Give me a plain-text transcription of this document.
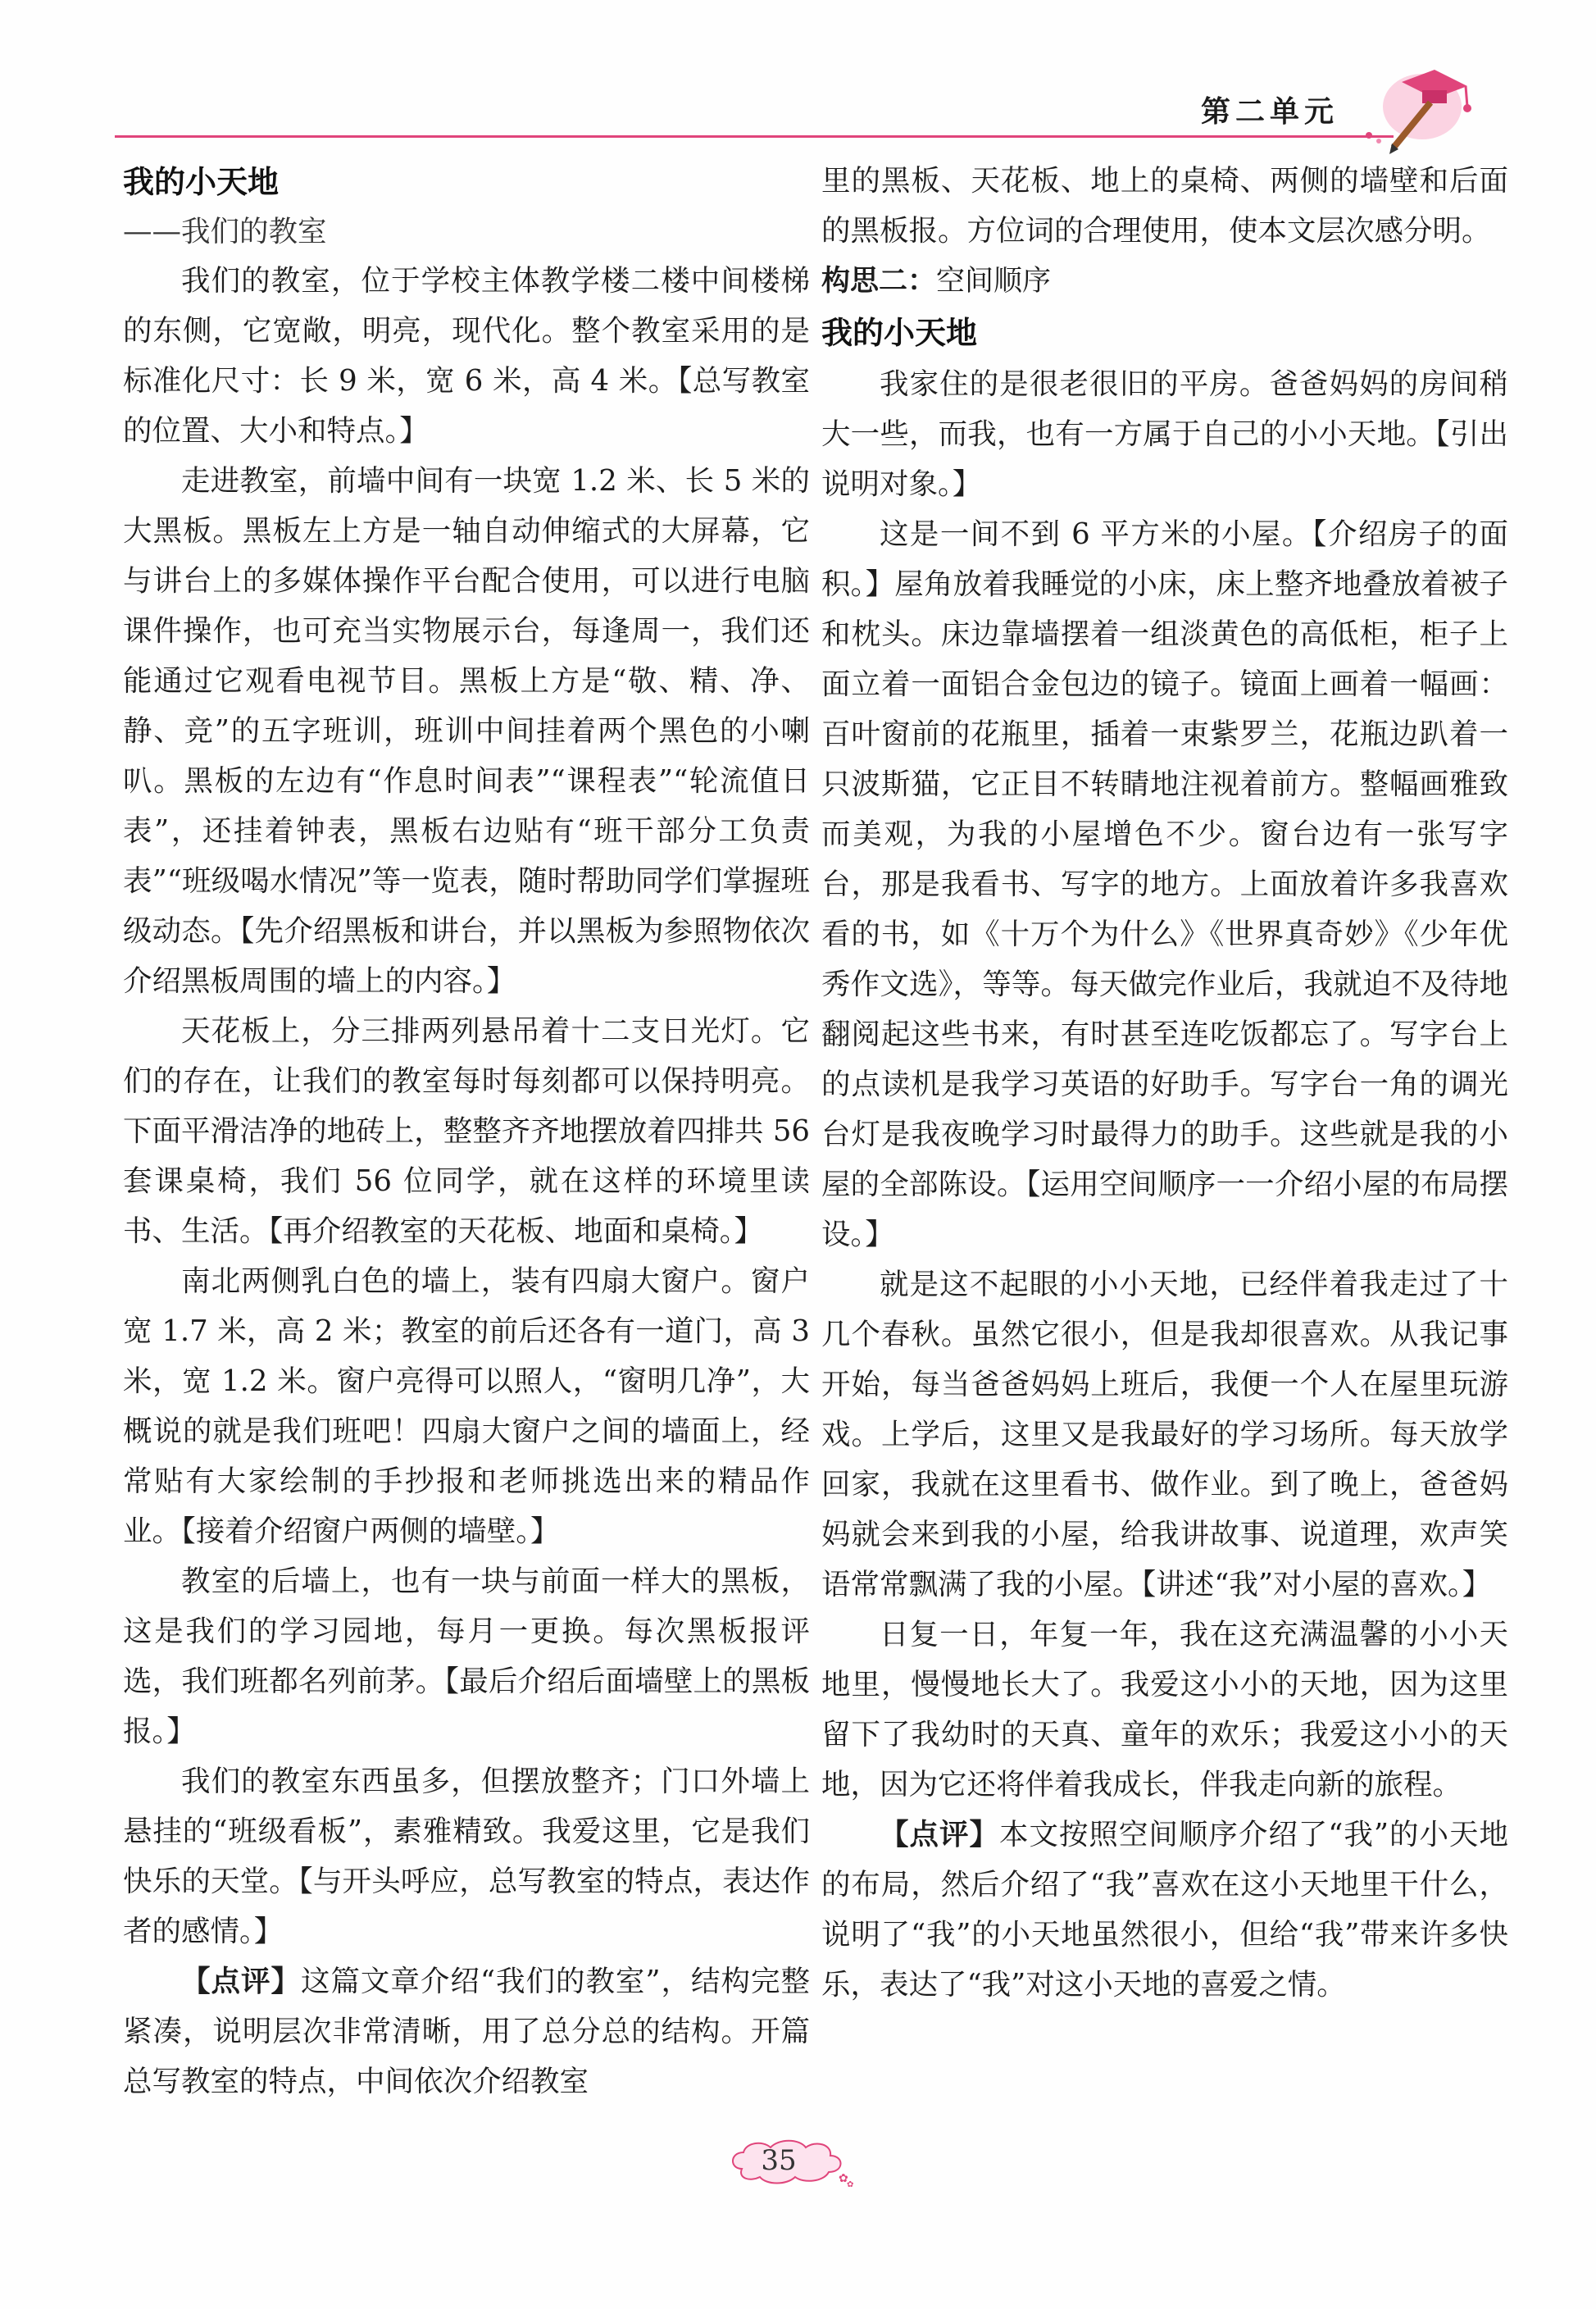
第二单元

我的小天地

——我们的教室

我们的教室，位于学校主体教学楼二楼中间楼梯的东侧，它宽敞，明亮，现代化。整个教室采用的是标准化尺寸：长 9 米，宽 6 米，高 4 米。【总写教室的位置、大小和特点。】

走进教室，前墙中间有一块宽 1.2 米、长 5 米的大黑板。黑板左上方是一轴自动伸缩式的大屏幕，它与讲台上的多媒体操作平台配合使用，可以进行电脑课件操作，也可充当实物展示台，每逢周一，我们还能通过它观看电视节目。黑板上方是“敬、精、净、静、竞”的五字班训，班训中间挂着两个黑色的小喇叭。黑板的左边有“作息时间表”“课程表”“轮流值日表”，还挂着钟表，黑板右边贴有“班干部分工负责表”“班级喝水情况”等一览表，随时帮助同学们掌握班级动态。【先介绍黑板和讲台，并以黑板为参照物依次介绍黑板周围的墙上的内容。】

天花板上，分三排两列悬吊着十二支日光灯。它们的存在，让我们的教室每时每刻都可以保持明亮。下面平滑洁净的地砖上，整整齐齐地摆放着四排共 56 套课桌椅，我们 56 位同学，就在这样的环境里读书、生活。【再介绍教室的天花板、地面和桌椅。】

南北两侧乳白色的墙上，装有四扇大窗户。窗户宽 1.7 米，高 2 米；教室的前后还各有一道门，高 3 米，宽 1.2 米。窗户亮得可以照人，“窗明几净”，大概说的就是我们班吧！四扇大窗户之间的墙面上，经常贴有大家绘制的手抄报和老师挑选出来的精品作业。【接着介绍窗户两侧的墙壁。】

教室的后墙上，也有一块与前面一样大的黑板，这是我们的学习园地，每月一更换。每次黑板报评选，我们班都名列前茅。【最后介绍后面墙壁上的黑板报。】

我们的教室东西虽多，但摆放整齐；门口外墙上悬挂的“班级看板”，素雅精致。我爱这里，它是我们快乐的天堂。【与开头呼应，总写教室的特点，表达作者的感情。】

【点评】这篇文章介绍“我们的教室”，结构完整紧凑，说明层次非常清晰，用了总分总的结构。开篇总写教室的特点，中间依次介绍教室

里的黑板、天花板、地上的桌椅、两侧的墙壁和后面的黑板报。方位词的合理使用，使本文层次感分明。

构思二：空间顺序

我的小天地

我家住的是很老很旧的平房。爸爸妈妈的房间稍大一些，而我，也有一方属于自己的小小天地。【引出说明对象。】

这是一间不到 6 平方米的小屋。【介绍房子的面积。】屋角放着我睡觉的小床，床上整齐地叠放着被子和枕头。床边靠墙摆着一组淡黄色的高低柜，柜子上面立着一面铝合金包边的镜子。镜面上画着一幅画：百叶窗前的花瓶里，插着一束紫罗兰，花瓶边趴着一只波斯猫，它正目不转睛地注视着前方。整幅画雅致而美观，为我的小屋增色不少。窗台边有一张写字台，那是我看书、写字的地方。上面放着许多我喜欢看的书，如《十万个为什么》《世界真奇妙》《少年优秀作文选》，等等。每天做完作业后，我就迫不及待地翻阅起这些书来，有时甚至连吃饭都忘了。写字台上的点读机是我学习英语的好助手。写字台一角的调光台灯是我夜晚学习时最得力的助手。这些就是我的小屋的全部陈设。【运用空间顺序一一介绍小屋的布局摆设。】

就是这不起眼的小小天地，已经伴着我走过了十几个春秋。虽然它很小，但是我却很喜欢。从我记事开始，每当爸爸妈妈上班后，我便一个人在屋里玩游戏。上学后，这里又是我最好的学习场所。每天放学回家，我就在这里看书、做作业。到了晚上，爸爸妈妈就会来到我的小屋，给我讲故事、说道理，欢声笑语常常飘满了我的小屋。【讲述“我”对小屋的喜欢。】

日复一日，年复一年，我在这充满温馨的小小天地里，慢慢地长大了。我爱这小小的天地，因为这里留下了我幼时的天真、童年的欢乐；我爱这小小的天地，因为它还将伴着我成长，伴我走向新的旅程。

【点评】本文按照空间顺序介绍了“我”的小天地的布局，然后介绍了“我”喜欢在这小天地里干什么，说明了“我”的小天地虽然很小，但给“我”带来许多快乐，表达了“我”对这小天地的喜爱之情。

✿
✿
35
